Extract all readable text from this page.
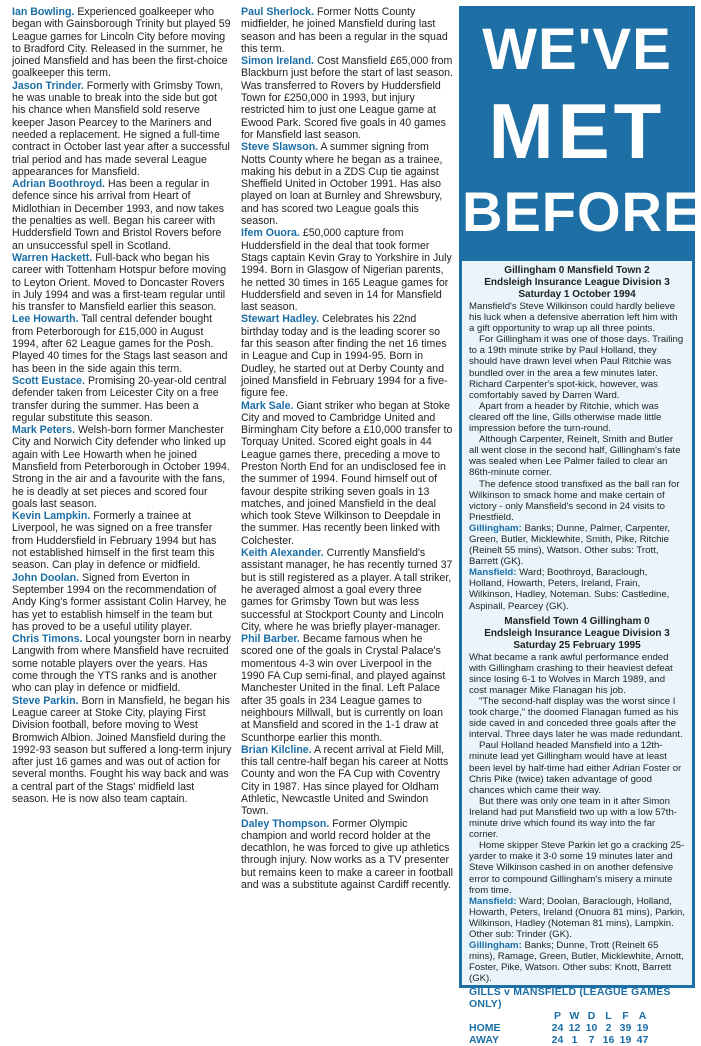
Ian Bowling. Experienced goalkeeper who began with Gainsborough Trinity but played 59 League games for Lincoln City before moving to Bradford City. Released in the summer, he joined Mansfield and has been the first-choice goalkeeper this term.
Jason Trinder. Formerly with Grimsby Town, he was unable to break into the side but got his chance when Mansfield sold reserve keeper Jason Pearcey to the Mariners and needed a replacement. He signed a full-time contract in October last year after a successful trial period and has made several League appearances for Mansfield.
Adrian Boothroyd. Has been a regular in defence since his arrival from Heart of Midlothian in December 1993, and now takes the penalties as well. Began his career with Huddersfield Town and Bristol Rovers before an unsuccessful spell in Scotland.
Warren Hackett. Full-back who began his career with Tottenham Hotspur before moving to Leyton Orient. Moved to Doncaster Rovers in July 1994 and was a first-team regular until his transfer to Mansfield earlier this season.
Lee Howarth. Tall central defender bought from Peterborough for £15,000 in August 1994, after 62 League games for the Posh. Played 40 times for the Stags last season and has been in the side again this term.
Scott Eustace. Promising 20-year-old central defender taken from Leicester City on a free transfer during the summer. Has been a regular substitute this season.
Mark Peters. Welsh-born former Manchester City and Norwich City defender who linked up again with Lee Howarth when he joined Mansfield from Peterborough in October 1994. Strong in the air and a favourite with the fans, he is deadly at set pieces and scored four goals last season.
Kevin Lampkin. Formerly a trainee at Liverpool, he was signed on a free transfer from Huddersfield in February 1994 but has not established himself in the first team this season. Can play in defence or midfield.
John Doolan. Signed from Everton in September 1994 on the recommendation of Andy King's former assistant Colin Harvey, he has yet to establish himself in the team but has proved to be a useful utility player.
Chris Timons. Local youngster born in nearby Langwith from where Mansfield have recruited some notable players over the years. Has come through the YTS ranks and is another who can play in defence or midfield.
Steve Parkin. Born in Mansfield, he began his League career at Stoke City, playing First Division football, before moving to West Bromwich Albion. Joined Mansfield during the 1992-93 season but suffered a long-term injury after just 16 games and was out of action for several months. Fought his way back and was a central part of the Stags' midfield last season. He is now also team captain.
Paul Sherlock. Former Notts County midfielder, he joined Mansfield during last season and has been a regular in the squad this term.
Simon Ireland. Cost Mansfield £65,000 from Blackburn just before the start of last season. Was transferred to Rovers by Huddersfield Town for £250,000 in 1993, but injury restricted him to just one League game at Ewood Park. Scored five goals in 40 games for Mansfield last season.
Steve Slawson. A summer signing from Notts County where he began as a trainee, making his debut in a ZDS Cup tie against Sheffield United in October 1991. Has also played on loan at Burnley and Shrewsbury, and has scored two League goals this season.
Ifem Ouora. £50,000 capture from Huddersfield in the deal that took former Stags captain Kevin Gray to Yorkshire in July 1994. Born in Glasgow of Nigerian parents, he netted 30 times in 165 League games for Huddersfield and seven in 14 for Mansfield last season.
Stewart Hadley. Celebrates his 22nd birthday today and is the leading scorer so far this season after finding the net 16 times in League and Cup in 1994-95. Born in Dudley, he started out at Derby County and joined Mansfield in February 1994 for a five-figure fee.
Mark Sale. Giant striker who began at Stoke City and moved to Cambridge United and Birmingham City before a £10,000 transfer to Torquay United. Scored eight goals in 44 League games there, preceding a move to Preston North End for an undisclosed fee in the summer of 1994. Found himself out of favour despite striking seven goals in 13 matches, and joined Mansfield in the deal which took Steve Wilkinson to Deepdale in the summer. Has recently been linked with Colchester.
Keith Alexander. Currently Mansfield's assistant manager, he has recently turned 37 but is still registered as a player. A tall striker, he averaged almost a goal every three games for Grimsby Town but was less successful at Stockport County and Lincoln City, where he was briefly player-manager.
Phil Barber. Became famous when he scored one of the goals in Crystal Palace's momentous 4-3 win over Liverpool in the 1990 FA Cup semi-final, and played against Manchester United in the final. Left Palace after 35 goals in 234 League games to neighbours Millwall, but is currently on loan at Mansfield and scored in the 1-1 draw at Scunthorpe earlier this month.
Brian Kilcline. A recent arrival at Field Mill, this tall centre-half began his career at Notts County and won the FA Cup with Coventry City in 1987. Has since played for Oldham Athletic, Newcastle United and Swindon Town.
Daley Thompson. Former Olympic champion and world record holder at the decathlon, he was forced to give up athletics through injury. Now works as a TV presenter but remains keen to make a career in football and was a substitute against Cardiff recently.
WE'VE
MET
BEFORE
Gillingham 0 Mansfield Town 2
Endsleigh Insurance League Division 3
Saturday 1 October 1994

Mansfield's Steve Wilkinson could hardly believe his luck when a defensive aberration left him with a gift opportunity to wrap up all three points.

For Gillingham it was one of those days. Trailing to a 19th minute strike by Paul Holland, they should have drawn level when Paul Ritchie was bundled over in the area a few minutes later. Richard Carpenter's spot-kick, however, was comfortably saved by Darren Ward.

Apart from a header by Ritchie, which was cleared off the line, Gills otherwise made little impression before the turn-round.

Although Carpenter, Reinelt, Smith and Butler all went close in the second half, Gillingham's fate was sealed when Lee Palmer failed to clear an 86th-minute corner.

The defence stood transfixed as the ball ran for Wilkinson to smack home and make certain of victory - only Mansfield's second in 24 visits to Priestfield.

Gillingham: Banks; Dunne, Palmer, Carpenter, Green, Butler, Micklewhite, Smith, Pike, Ritchie (Reinelt 55 mins), Watson. Other subs: Trott, Barrett (GK).

Mansfield: Ward; Boothroyd, Baraclough, Holland, Howarth, Peters, Ireland, Frain, Wilkinson, Hadley, Noteman. Subs: Castledine, Aspinall, Pearcey (GK).

Mansfield Town 4 Gillingham 0
Endsleigh Insurance League Division 3
Saturday 25 February 1995

What became a rank awful performance ended with Gillingham crashing to their heaviest defeat since losing 6-1 to Wolves in March 1989, and cost manager Mike Flanagan his job.

"The second-half display was the worst since I took charge," the doomed Flanagan fumed as his side caved in and conceded three goals after the interval. Three days later he was made redundant.

Paul Holland headed Mansfield into a 12th-minute lead yet Gillingham would have at least been level by half-time had either Adrian Foster or Chris Pike (twice) taken advantage of good chances which came their way.

But there was only one team in it after Simon Ireland had put Mansfield two up with a low 57th-minute drive which found its way into the far corner.

Home skipper Steve Parkin let go a cracking 25-yarder to make it 3-0 some 19 minutes later and Steve Wilkinson cashed in on another defensive error to compound Gillingham's misery a minute from time.

Mansfield: Ward; Doolan, Baraclough, Holland, Howarth, Peters, Ireland (Onuora 81 mins), Parkin, Wilkinson, Hadley (Noteman 81 mins), Lampkin. Other sub: Trinder (GK).

Gillingham: Banks; Dunne, Trott (Reinelt 65 mins), Ramage, Green, Butler, Micklewhite, Arnott, Foster, Pike, Watson. Other subs: Knott, Barrett (GK).

GILLS v MANSFIELD (LEAGUE GAMES ONLY)
	P	W	D	L	F	A
HOME	24	12	10	2	39	19
AWAY	24	1	7	16	19	47
